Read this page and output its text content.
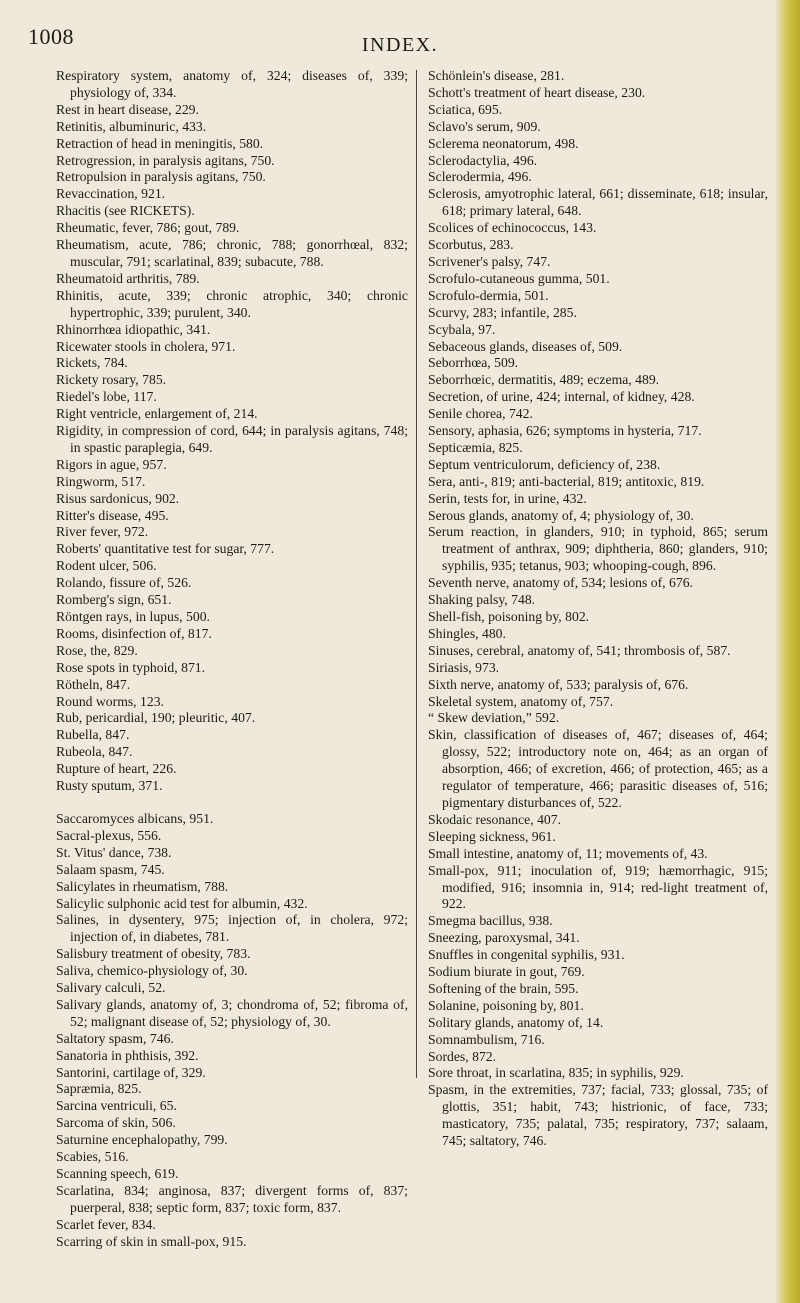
1008	INDEX.

Respiratory system, anatomy of, 324; diseases of, 339; physiology of, 334.

Rest in heart disease, 229.

Retinitis, albuminuric, 433.

Retraction of head in meningitis, 580.

Retrogression, in paralysis agitans, 750.

Retropulsion in paralysis agitans, 750.

Revaccination, 921.

Rhacitis (see RICKETS).

Rheumatic, fever, 786; gout, 789.

Rheumatism, acute, 786; chronic, 788; gonorrhœal, 832; muscular, 791; scarlatinal, 839; subacute, 788.

Rheumatoid arthritis, 789.

Rhinitis, acute, 339; chronic atrophic, 340; chronic hypertrophic, 339; purulent, 340.

Rhinorrhœa idiopathic, 341.

Ricewater stools in cholera, 971.

Rickets, 784.

Rickety rosary, 785.

Riedel's lobe, 117.

Right ventricle, enlargement of, 214.

Rigidity, in compression of cord, 644; in paralysis agitans, 748; in spastic paraplegia, 649.

Rigors in ague, 957.

Ringworm, 517.

Risus sardonicus, 902.

Ritter's disease, 495.

River fever, 972.

Roberts' quantitative test for sugar, 777.

Rodent ulcer, 506.

Rolando, fissure of, 526.

Romberg's sign, 651.

Röntgen rays, in lupus, 500.

Rooms, disinfection of, 817.

Rose, the, 829.

Rose spots in typhoid, 871.

Rötheln, 847.

Round worms, 123.

Rub, pericardial, 190; pleuritic, 407.

Rubella, 847.

Rubeola, 847.

Rupture of heart, 226.

Rusty sputum, 371.

Saccaromyces albicans, 951.

Sacral-plexus, 556.

St. Vitus' dance, 738.

Salaam spasm, 745.

Salicylates in rheumatism, 788.

Salicylic sulphonic acid test for albumin, 432.

Salines, in dysentery, 975; injection of, in cholera, 972; injection of, in diabetes, 781.

Salisbury treatment of obesity, 783.

Saliva, chemico-physiology of, 30.

Salivary calculi, 52.

Salivary glands, anatomy of, 3; chondroma of, 52; fibroma of, 52; malignant disease of, 52; physiology of, 30.

Saltatory spasm, 746.

Sanatoria in phthisis, 392.

Santorini, cartilage of, 329.

Sapræmia, 825.

Sarcina ventriculi, 65.

Sarcoma of skin, 506.

Saturnine encephalopathy, 799.

Scabies, 516.

Scanning speech, 619.

Scarlatina, 834; anginosa, 837; divergent forms of, 837; puerperal, 838; septic form, 837; toxic form, 837.

Scarlet fever, 834.

Scarring of skin in small-pox, 915.

Schönlein's disease, 281.

Schott's treatment of heart disease, 230.

Sciatica, 695.

Sclavo's serum, 909.

Sclerema neonatorum, 498.

Sclerodactylia, 496.

Sclerodermia, 496.

Sclerosis, amyotrophic lateral, 661; disseminate, 618; insular, 618; primary lateral, 648.

Scolices of echinococcus, 143.

Scorbutus, 283.

Scrivener's palsy, 747.

Scrofulo-cutaneous gumma, 501.

Scrofulo-dermia, 501.

Scurvy, 283; infantile, 285.

Scybala, 97.

Sebaceous glands, diseases of, 509.

Seborrhœa, 509.

Seborrhœic, dermatitis, 489; eczema, 489.

Secretion, of urine, 424; internal, of kidney, 428.

Senile chorea, 742.

Sensory, aphasia, 626; symptoms in hysteria, 717.

Septicæmia, 825.

Septum ventriculorum, deficiency of, 238.

Sera, anti-, 819; anti-bacterial, 819; antitoxic, 819.

Serin, tests for, in urine, 432.

Serous glands, anatomy of, 4; physiology of, 30.

Serum reaction, in glanders, 910; in typhoid, 865; serum treatment of anthrax, 909; diphtheria, 860; glanders, 910; syphilis, 935; tetanus, 903; whooping-cough, 896.

Seventh nerve, anatomy of, 534; lesions of, 676.

Shaking palsy, 748.

Shell-fish, poisoning by, 802.

Shingles, 480.

Sinuses, cerebral, anatomy of, 541; thrombosis of, 587.

Siriasis, 973.

Sixth nerve, anatomy of, 533; paralysis of, 676.

Skeletal system, anatomy of, 757.

“ Skew deviation,” 592.

Skin, classification of diseases of, 467; diseases of, 464; glossy, 522; introductory note on, 464; as an organ of absorption, 466; of excretion, 466; of protection, 465; as a regulator of temperature, 466; parasitic diseases of, 516; pigmentary disturbances of, 522.

Skodaic resonance, 407.

Sleeping sickness, 961.

Small intestine, anatomy of, 11; movements of, 43.

Small-pox, 911; inoculation of, 919; hæmorrhagic, 915; modified, 916; insomnia in, 914; red-light treatment of, 922.

Smegma bacillus, 938.

Sneezing, paroxysmal, 341.

Snuffles in congenital syphilis, 931.

Sodium biurate in gout, 769.

Softening of the brain, 595.

Solanine, poisoning by, 801.

Solitary glands, anatomy of, 14.

Somnambulism, 716.

Sordes, 872.

Sore throat, in scarlatina, 835; in syphilis, 929.

Spasm, in the extremities, 737; facial, 733; glossal, 735; of glottis, 351; habit, 743; histrionic, of face, 733; masticatory, 735; palatal, 735; respiratory, 737; salaam, 745; saltatory, 746.
